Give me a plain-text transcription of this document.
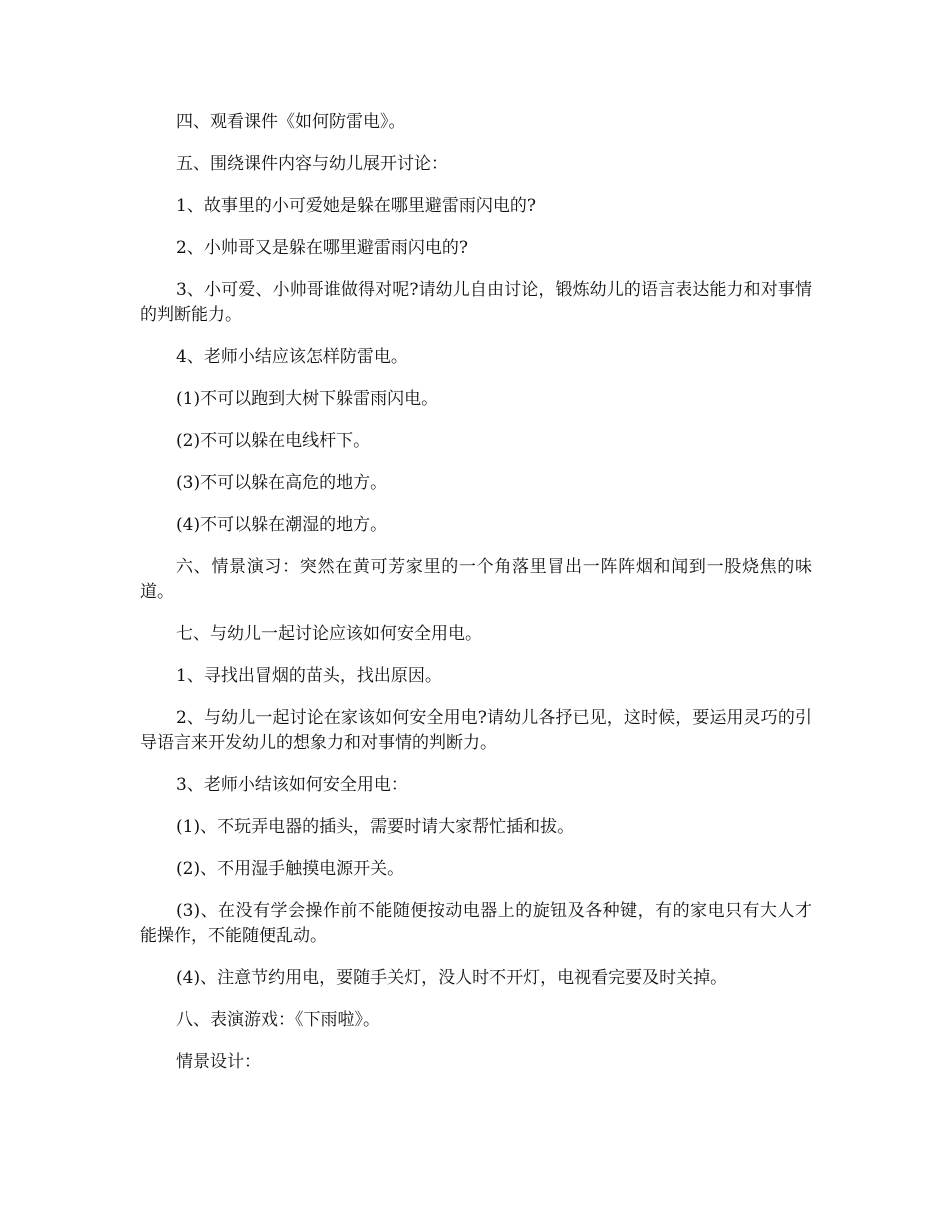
四、观看课件《如何防雷电》。

五、围绕课件内容与幼儿展开讨论：

1、故事里的小可爱她是躲在哪里避雷雨闪电的?

2、小帅哥又是躲在哪里避雷雨闪电的?

3、小可爱、小帅哥谁做得对呢?请幼儿自由讨论，锻炼幼儿的语言表达能力和对事情的判断能力。

4、老师小结应该怎样防雷电。

(1)不可以跑到大树下躲雷雨闪电。

(2)不可以躲在电线杆下。

(3)不可以躲在高危的地方。

(4)不可以躲在潮湿的地方。

六、情景演习：突然在黄可芳家里的一个角落里冒出一阵阵烟和闻到一股烧焦的味道。

七、与幼儿一起讨论应该如何安全用电。

1、寻找出冒烟的苗头，找出原因。

2、与幼儿一起讨论在家该如何安全用电?请幼儿各抒已见，这时候，要运用灵巧的引导语言来开发幼儿的想象力和对事情的判断力。

3、老师小结该如何安全用电：

(1)、不玩弄电器的插头，需要时请大家帮忙插和拔。

(2)、不用湿手触摸电源开关。

(3)、在没有学会操作前不能随便按动电器上的旋钮及各种键，有的家电只有大人才能操作，不能随便乱动。

(4)、注意节约用电，要随手关灯，没人时不开灯，电视看完要及时关掉。

八、表演游戏：《下雨啦》。

情景设计：
